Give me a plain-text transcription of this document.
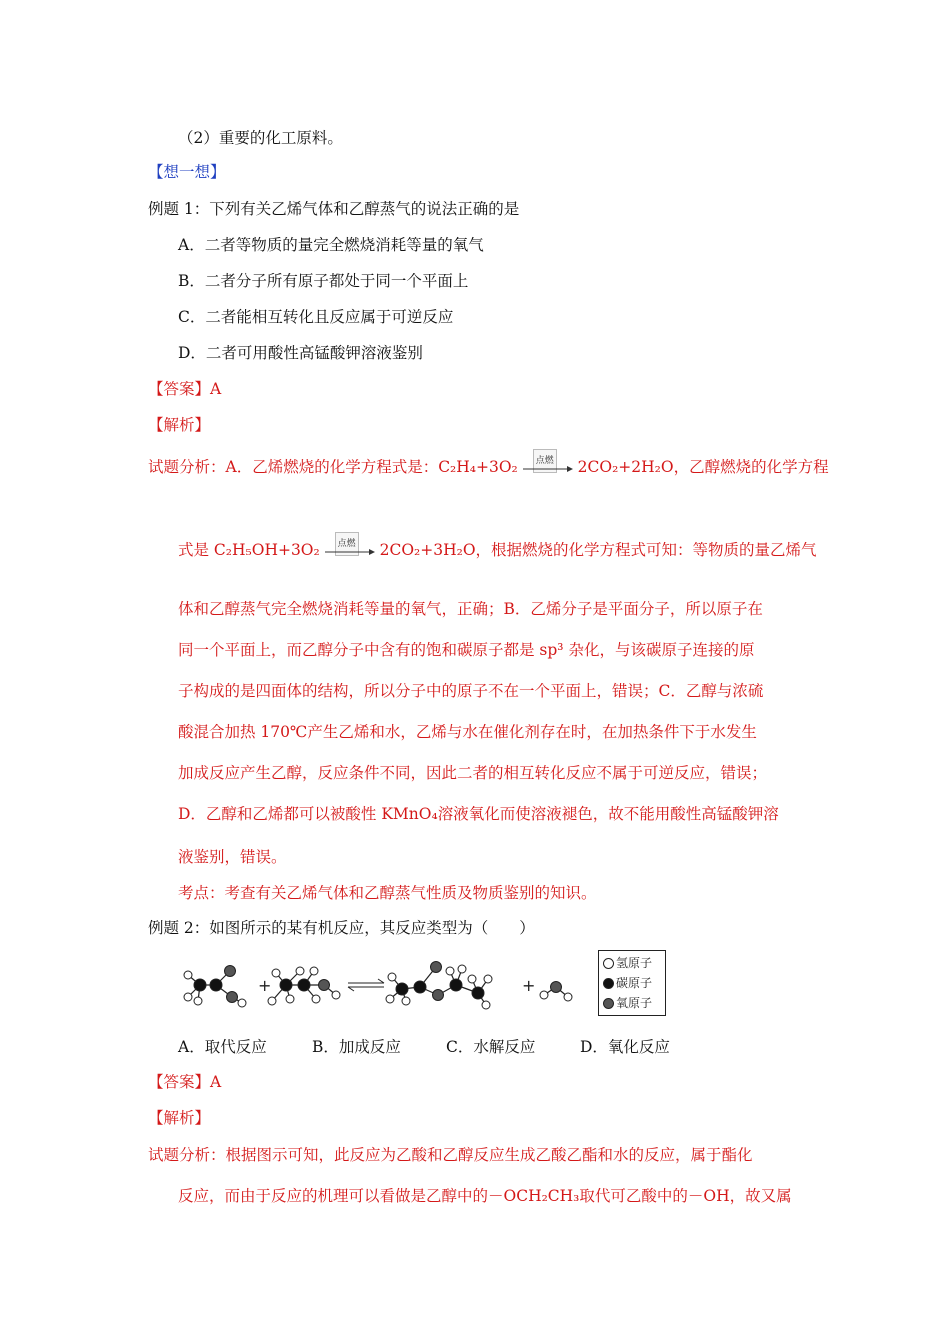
（2）重要的化工原料。
【想一想】
例题 1：下列有关乙烯气体和乙醇蒸气的说法正确的是
A．二者等物质的量完全燃烧消耗等量的氧气
B．二者分子所有原子都处于同一个平面上
C．二者能相互转化且反应属于可逆反应
D．二者可用酸性高锰酸钾溶液鉴别
【答案】A
【解析】
试题分析：A．乙烯燃烧的化学方程式是：C₂H₄+3O₂	点燃 2CO₂+2H₂O，乙醇燃烧的化学方程
式是 C₂H₅OH+3O₂	点燃 2CO₂+3H₂O，根据燃烧的化学方程式可知：等物质的量乙烯气
体和乙醇蒸气完全燃烧消耗等量的氧气，正确；B．乙烯分子是平面分子，所以原子在
同一个平面上，而乙醇分子中含有的饱和碳原子都是 sp³ 杂化，与该碳原子连接的原
子构成的是四面体的结构，所以分子中的原子不在一个平面上，错误；C．乙醇与浓硫
酸混合加热 170℃产生乙烯和水，乙烯与水在催化剂存在时，在加热条件下于水发生
加成反应产生乙醇，反应条件不同，因此二者的相互转化反应不属于可逆反应，错误；
D．乙醇和乙烯都可以被酸性 KMnO₄溶液氧化而使溶液褪色，故不能用酸性高锰酸钾溶
液鉴别，错误。
考点：考查有关乙烯气体和乙醇蒸气性质及物质鉴别的知识。
例题 2：如图所示的某有机反应，其反应类型为（　　）
+	+
氢原子
碳原子
氧原子
A．取代反应	B．加成反应	C．水解反应	D．氧化反应
【答案】A
【解析】
试题分析：根据图示可知，此反应为乙酸和乙醇反应生成乙酸乙酯和水的反应，属于酯化
反应，而由于反应的机理可以看做是乙醇中的－OCH₂CH₃取代可乙酸中的－OH，故又属
